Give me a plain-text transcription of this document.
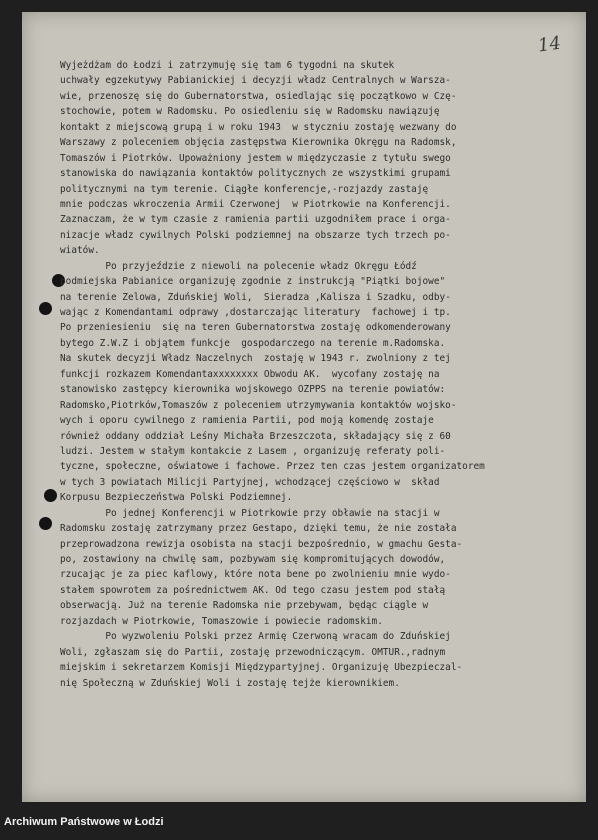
14
Wyjeżdżam do Łodzi i zatrzymuję się tam 6 tygodni na skutek
uchwały egzekutywy Pabianickiej i decyzji władz Centralnych w Warsza-
wie, przenoszę się do Gubernatorstwa, osiedlając się początkowo w Czę-
stochowie, potem w Radomsku. Po osiedleniu się w Radomsku nawiązuję
kontakt z miejscową grupą i w roku 1943  w styczniu zostaję wezwany do
Warszawy z poleceniem objęcia zastępstwa Kierownika Okręgu na Radomsk,
Tomaszów i Piotrków. Upoważniony jestem w międzyczasie z tytułu swego
stanowiska do nawiązania kontaktów politycznych ze wszystkimi grupami
politycznymi na tym terenie. Ciągłe konferencje,-rozjazdy zastaję
mnie podczas wkroczenia Armii Czerwonej  w Piotrkowie na Konferencji.
Zaznaczam, że w tym czasie z ramienia partii uzgodniłem prace i orga-
nizacje władz cywilnych Polski podziemnej na obszarze tych trzech po-
wiatów.
Po przyjeździe z niewoli na polecenie władz Okręgu Łódź
podmiejska Pabianice organizuję zgodnie z instrukcją "Piątki bojowe"
na terenie Zelowa, Zduńskiej Woli,  Sieradza ,Kalisza i Szadku, odby-
wając z Komendantami odprawy ,dostarczając literatury  fachowej i tp.
Po przeniesieniu  się na teren Gubernatorstwa zostaję odkomenderowany
bytego Z.W.Z i objątem funkcje  gospodarczego na terenie m.Radomska.
Na skutek decyzji Władz Naczelnych  zostaję w 1943 r. zwolniony z tej
funkcji rozkazem Komendantaxxxxxxxx Obwodu AK.  wycofany zostaję na
stanowisko zastępcy kierownika wojskowego OZPPS na terenie powiatów:
Radomsko,Piotrków,Tomaszów z poleceniem utrzymywania kontaktów wojsko-
wych i oporu cywilnego z ramienia Partii, pod moją komendę zostaje
również oddany oddział Leśny Michała Brzeszczota, składający się z 60
ludzi. Jestem w stałym kontakcie z Lasem , organizuję referaty poli-
tyczne, społeczne, oświatowe i fachowe. Przez ten czas jestem organizatorem
w tych 3 powiatach Milicji Partyjnej, wchodzącej częściowo w  skład
Korpusu Bezpieczeństwa Polski Podziemnej.
Po jednej Konferencji w Piotrkowie przy obławie na stacji w
Radomsku zostaję zatrzymany przez Gestapo, dzięki temu, że nie została
przeprowadzona rewizja osobista na stacji bezpośrednio, w gmachu Gesta-
po, zostawiony na chwilę sam, pozbywam się kompromitujących dowodów,
rzucając je za piec kaflowy, które nota bene po zwolnieniu mnie wydo-
stałem spowrotem za pośrednictwem AK. Od tego czasu jestem pod stałą
obserwacją. Już na terenie Radomska nie przebywam, będąc ciągle w
rozjazdach w Piotrkowie, Tomaszowie i powiecie radomskim.
Po wyzwoleniu Polski przez Armię Czerwoną wracam do Zduńskiej
Woli, zgłaszam się do Partii, zostaję przewodniczącym. OMTUR.,radnym
miejskim i sekretarzem Komisji Międzypartyjnej. Organizuję Ubezpieczal-
nię Społeczną w Zduńskiej Woli i zostaję tejże kierownikiem.
Archiwum Państwowe w Łodzi
